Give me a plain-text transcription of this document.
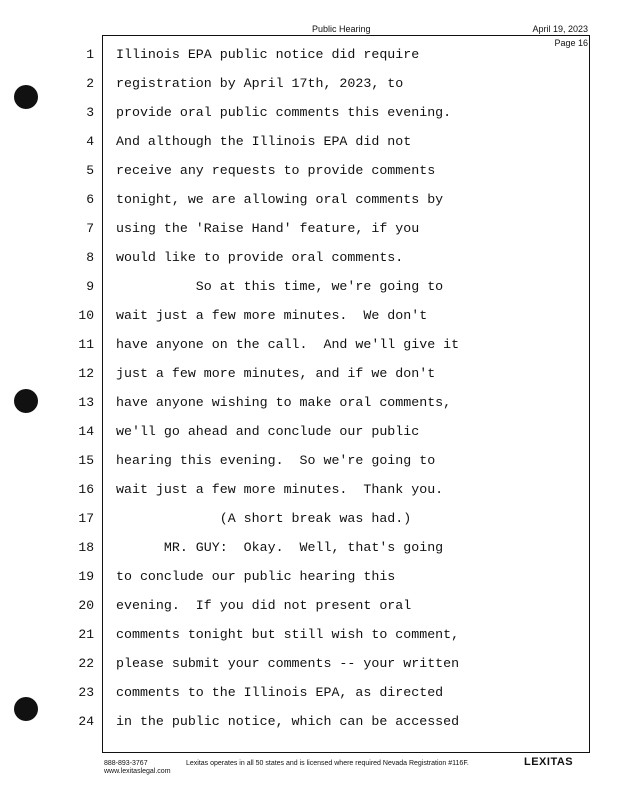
Public Hearing	April 19, 2023
Page 16
1 Illinois EPA public notice did require
2 registration by April 17th, 2023, to
3 provide oral public comments this evening.
4 And although the Illinois EPA did not
5 receive any requests to provide comments
6 tonight, we are allowing oral comments by
7 using the 'Raise Hand' feature, if you
8 would like to provide oral comments.
9 So at this time, we're going to
10 wait just a few more minutes.  We don't
11 have anyone on the call.  And we'll give it
12 just a few more minutes, and if we don't
13 have anyone wishing to make oral comments,
14 we'll go ahead and conclude our public
15 hearing this evening.  So we're going to
16 wait just a few more minutes.  Thank you.
17 (A short break was had.)
18 MR. GUY:  Okay.  Well, that's going
19 to conclude our public hearing this
20 evening.  If you did not present oral
21 comments tonight but still wish to comment,
22 please submit your comments -- your written
23 comments to the Illinois EPA, as directed
24 in the public notice, which can be accessed
888-893-3767
www.lexitaslegal.com
Lexitas operates in all 50 states and is licensed where required Nevada Registration #116F.	LEXITAS
